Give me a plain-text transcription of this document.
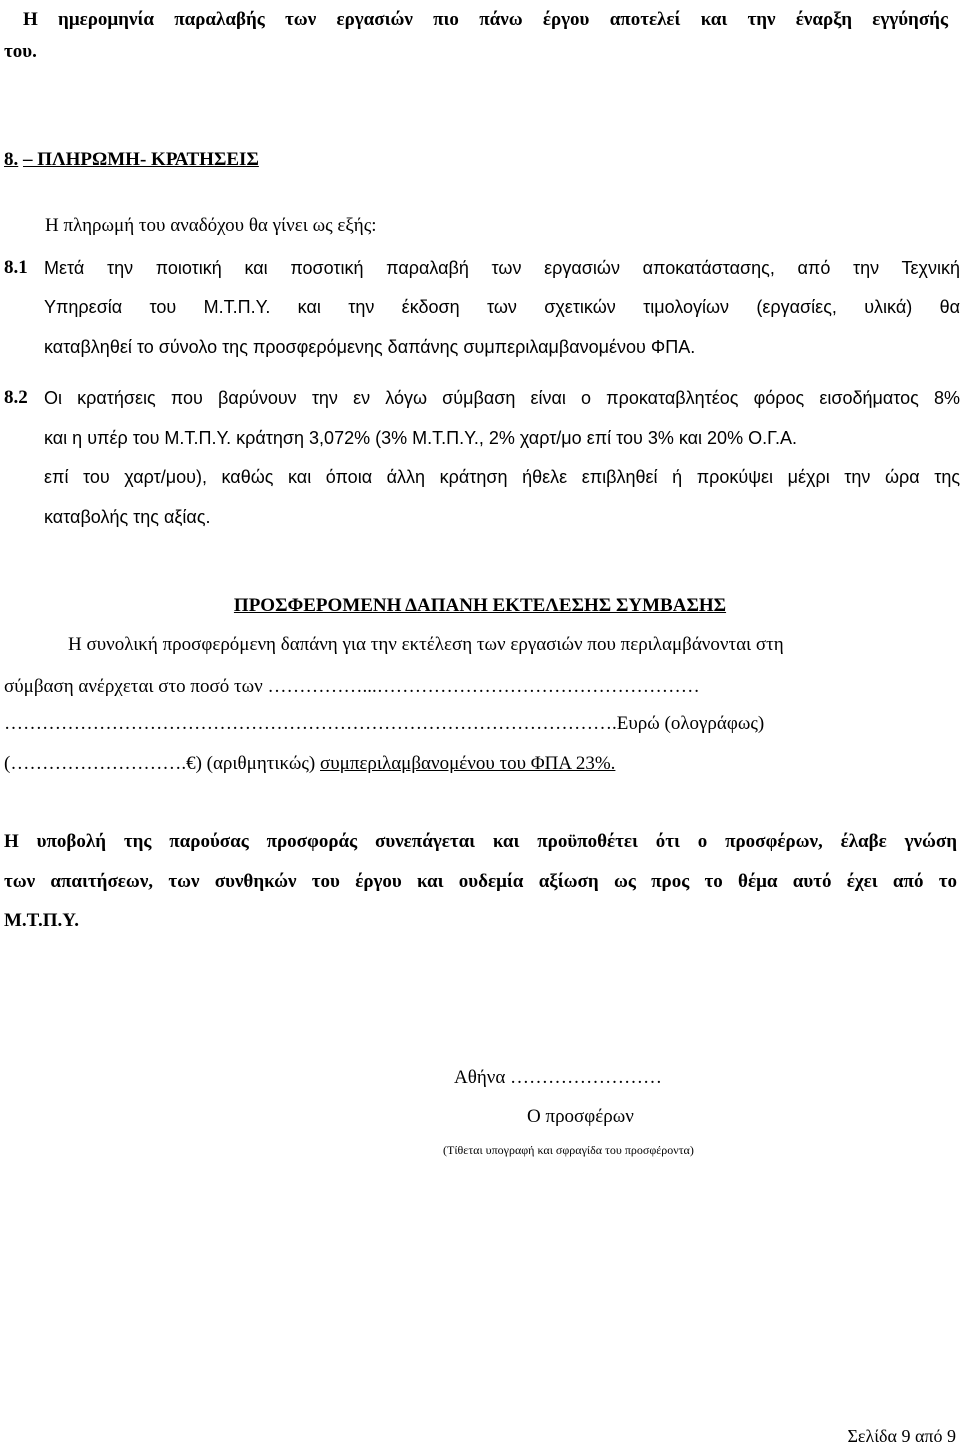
Η ημερομηνία παραλαβής των εργασιών πιο πάνω έργου αποτελεί και την έναρξη εγγύησής
του.
8. – ΠΛΗΡΩΜΗ- ΚΡΑΤΗΣΕΙΣ
Η πληρωμή του αναδόχου θα γίνει ως εξής:
8.1 Μετά την ποιοτική και ποσοτική παραλαβή των εργασιών αποκατάστασης, από την Τεχνική
Υπηρεσία του Μ.Τ.Π.Υ. και την έκδοση των σχετικών τιμολογίων (εργασίες, υλικά) θα
καταβληθεί το σύνολο της προσφερόμενης δαπάνης συμπεριλαμβανομένου ΦΠΑ.
8.2 Οι κρατήσεις που βαρύνουν την εν λόγω σύμβαση είναι ο προκαταβλητέος φόρος εισοδήματος 8%
και η υπέρ του Μ.Τ.Π.Υ. κράτηση 3,072% (3% Μ.Τ.Π.Υ., 2% χαρτ/μο επί του 3% και 20% Ο.Γ.Α.
επί του χαρτ/μου), καθώς και όποια άλλη κράτηση ήθελε επιβληθεί ή προκύψει μέχρι την ώρα της
καταβολής της αξίας.
ΠΡΟΣΦΕΡΟΜΕΝΗ ΔΑΠΑΝΗ ΕΚΤΕΛΕΣΗΣ ΣΥΜΒΑΣΗΣ
Η συνολική προσφερόμενη δαπάνη για την εκτέλεση των εργασιών που περιλαμβάνονται στη
σύμβαση ανέρχεται στο ποσό των ……………...……………………………………………
…………………………………………………………………………………….Ευρώ (ολογράφως)
(……………………….€) (αριθμητικώς) συμπεριλαμβανομένου του ΦΠΑ 23%.
Η υποβολή της παρούσας προσφοράς συνεπάγεται και προϋποθέτει ότι ο προσφέρων, έλαβε γνώση
των απαιτήσεων, των συνθηκών του έργου και ουδεμία αξίωση ως προς το θέμα αυτό έχει από το
Μ.Τ.Π.Υ.
Αθήνα ……………………
Ο προσφέρων
(Τίθεται υπογραφή και σφραγίδα του προσφέροντα)
Σελίδα 9 από 9
